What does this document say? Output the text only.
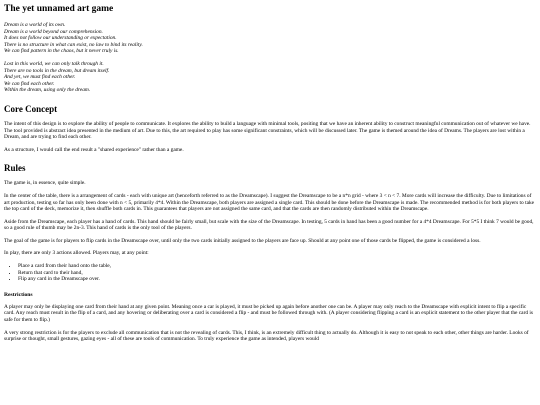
The yet unnamed art game
Dream is a world of its own.
Dream is a world beyond our comprehension.
It does not follow our understanding or expectation.
There is no structure in what can exist, no law to bind its reality.
We can find pattern in the chaos, but it never truly is.
Lost in this world, we can only talk through it.
There are no tools in the dream, but dream itself.
And yet, we must find each other.
We can find each other.
Within the dream, using only the dream.
Core Concept

The intent of this design is to explore the ability of people to communicate. It explores the ability to build a language with minimal tools, positing that we have an inherent ability to construct meaningful communication out of whatever we have. The tool provided is abstract idea presented in the medium of art. Due to this, the art required to play has some significant constraints, which will be discussed later. The game is themed around the idea of Dreams. The players are lost within a Dream, and are trying to find each other.

As a structure, I would call the end result a "shared experience" rather than a game.

Rules

The game is, in essence, quite simple.

In the center of the table, there is a arrangement of cards - each with unique art (henceforth referred to as the Dreamscape). I suggest the Dreamscape to be a n*n grid - where 3 < n < 7. More cards will increase the difficulty. Due to limitations of art production, testing so far has only been done with n < 5, primarily 4*4. Within the Dreamscape, both players are assigned a single card. This should be done before the Dreamscape is made. The recommended method is for both players to take the top card of the deck, memorize it, then shuffle both cards in. This guarantees that players are not assigned the same card, and that the cards are then randomly distributed within the Dreamscape.

Aside from the Dreamscape, each player has a hand of cards. This hand should be fairly small, but scale with the size of the Dreamscape. In testing, 5 cards in hand has been a good number for a 4*4 Dreamscape. For 5*5 I think 7 would be good, so a good rule of thumb may be 2n-3. This hand of cards is the only tool of the players.

The goal of the game is for players to flip cards in the Dreamscape over, until only the two cards initially assigned to the players are face up. Should at any point one of those cards be flipped, the game is considered a loss.

In play, there are only 3 actions allowed. Players may, at any point:

• Place a card from their hand onto the table,
• Return that card to their hand,
• Flip any card in the Dreamscape over.
Restrictions

A player may only be displaying one card from their hand at any given point. Meaning once a car is played, it must be picked up again before another one can be. A player may only reach to the Dreamscape with explicit intent to flip a specific card. Any reach must result in the flip of a card, and any hovering or deliberating over a card is considered a flip - and must be followed through with. (A player considering flipping a card is an explicit statement to the other player that the card is safe for them to flip.)

A very strong restriction is for the players to exclude all communication that is not the revealing of cards. This, I think, is an extremely difficult thing to actually do. Although it is easy to not speak to each other, other things are harder. Looks of surprise or thought, small gestures, gazing eyes - all of these are tools of communication. To truly experience the game as intended, players would
